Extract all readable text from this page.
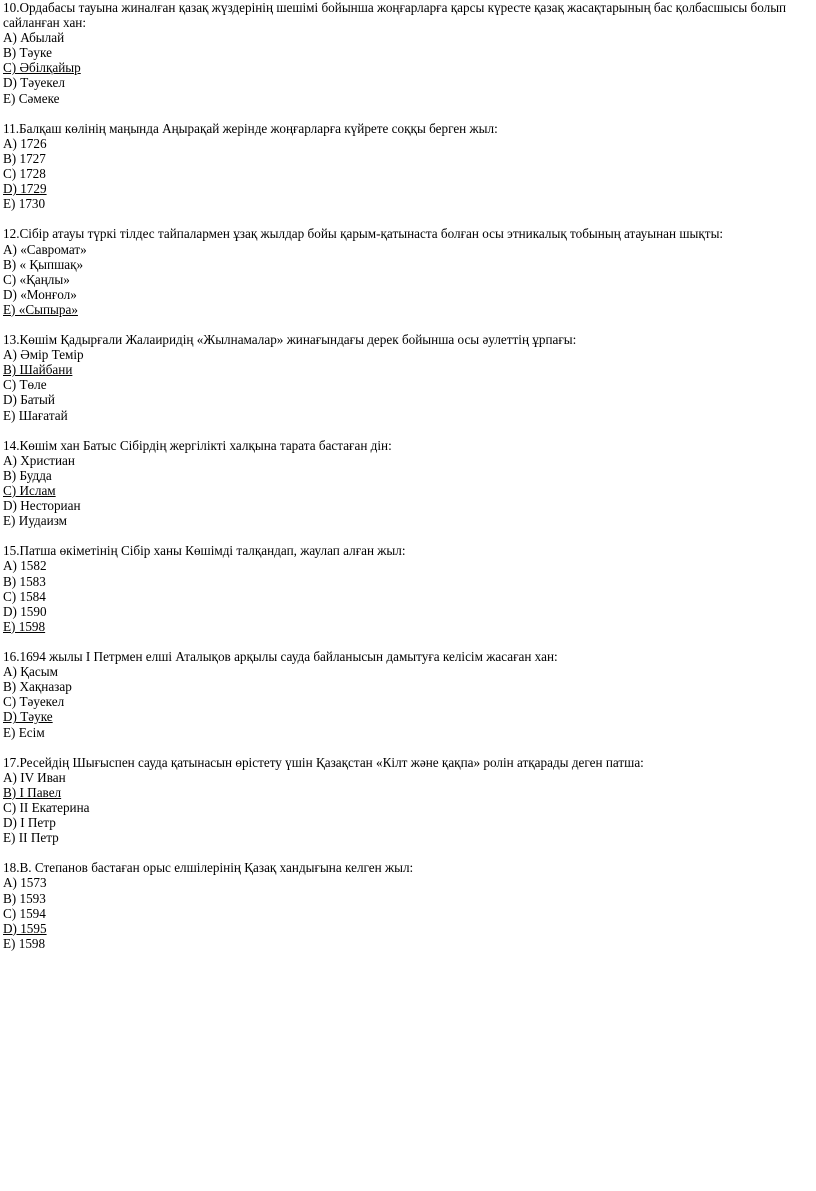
10.Ордабасы тауына жиналған қазақ жүздерінің шешімі бойынша жоңғарларға қарсы күресте қазақ жасақтарының бас қолбасшысы болып сайланған хан:
А) Абылай
В) Тәуке
С) Әбілқайыр
D) Тәуекел
Е) Сәмеке
11.Балқаш көлінің маңында Аңырақай жерінде жоңғарларға күйрете соққы берген жыл:
А) 1726
В) 1727
С) 1728
D) 1729
Е) 1730
12.Сібір атауы түркі тілдес тайпалармен ұзақ жылдар бойы қарым-қатынаста болған осы этникалық тобының атауынан шықты:
А) «Савромат»
В) « Қыпшақ»
С) «Қаңлы»
D) «Монғол»
Е) «Сыпыра»
13.Көшім Қадырғали Жалаиридің «Жылнамалар» жинағындағы дерек бойынша осы әулеттің ұрпағы:
А) Әмір Темір
В) Шайбани
С) Төле
D) Батый
Е) Шағатай
14.Көшім хан Батыс Сібірдің жергілікті халқына тарата бастаған дін:
А) Христиан
В) Будда
С) Ислам
D) Несториан
Е) Иудаизм
15.Патша өкіметінің Сібір ханы Көшімді талқандап, жаулап алған жыл:
А) 1582
В) 1583
С) 1584
D) 1590
Е) 1598
16.1694 жылы І Петрмен елші Аталықов арқылы сауда байланысын дамытуға келісім жасаған хан:
А) Қасым
В) Хақназар
С) Тәуекел
D) Тәуке
Е) Есім
17.Ресейдің Шығыспен сауда қатынасын өрістету үшін Қазақстан «Кілт және қақпа» ролін атқарады деген патша:
А) ІV Иван
В) І Павел
С) ІІ Екатерина
D) І Петр
Е) ІІ Петр
18.В. Степанов бастаған орыс елшілерінің Қазақ хандығына келген жыл:
А) 1573
В) 1593
С) 1594
D) 1595
Е) 1598
